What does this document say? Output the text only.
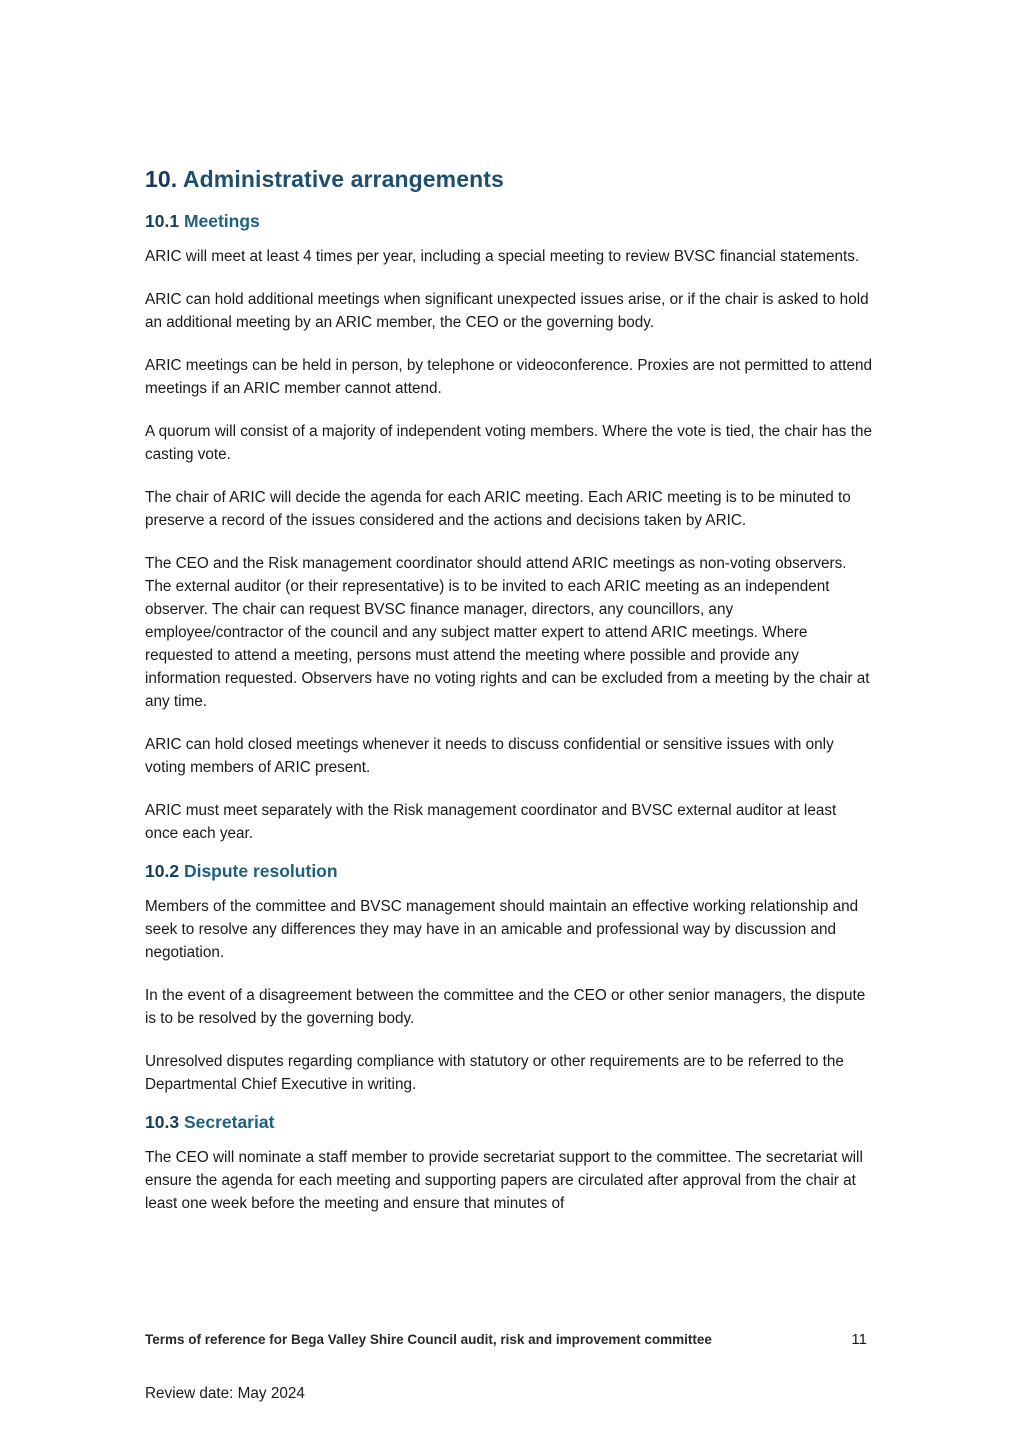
10. Administrative arrangements
10.1 Meetings

ARIC will meet at least 4 times per year, including a special meeting to review BVSC financial statements.

ARIC can hold additional meetings when significant unexpected issues arise, or if the chair is asked to hold an additional meeting by an ARIC member, the CEO or the governing body.

ARIC meetings can be held in person, by telephone or videoconference. Proxies are not permitted to attend meetings if an ARIC member cannot attend.

A quorum will consist of a majority of independent voting members. Where the vote is tied, the chair has the casting vote.

The chair of ARIC will decide the agenda for each ARIC meeting. Each ARIC meeting is to be minuted to preserve a record of the issues considered and the actions and decisions taken by ARIC.

The CEO and the Risk management coordinator should attend ARIC meetings as non-voting observers. The external auditor (or their representative) is to be invited to each ARIC meeting as an independent observer. The chair can request BVSC finance manager, directors, any councillors, any employee/contractor of the council and any subject matter expert to attend ARIC meetings. Where requested to attend a meeting, persons must attend the meeting where possible and provide any information requested. Observers have no voting rights and can be excluded from a meeting by the chair at any time.

ARIC can hold closed meetings whenever it needs to discuss confidential or sensitive issues with only voting members of ARIC present.

ARIC must meet separately with the Risk management coordinator and BVSC external auditor at least once each year.

10.2 Dispute resolution

Members of the committee and BVSC management should maintain an effective working relationship and seek to resolve any differences they may have in an amicable and professional way by discussion and negotiation.

In the event of a disagreement between the committee and the CEO or other senior managers, the dispute is to be resolved by the governing body.

Unresolved disputes regarding compliance with statutory or other requirements are to be referred to the Departmental Chief Executive in writing.

10.3 Secretariat

The CEO will nominate a staff member to provide secretariat support to the committee. The secretariat will ensure the agenda for each meeting and supporting papers are circulated after approval from the chair at least one week before the meeting and ensure that minutes of

Terms of reference for Bega Valley Shire Council audit, risk and improvement committee	11
Review date: May 2024
